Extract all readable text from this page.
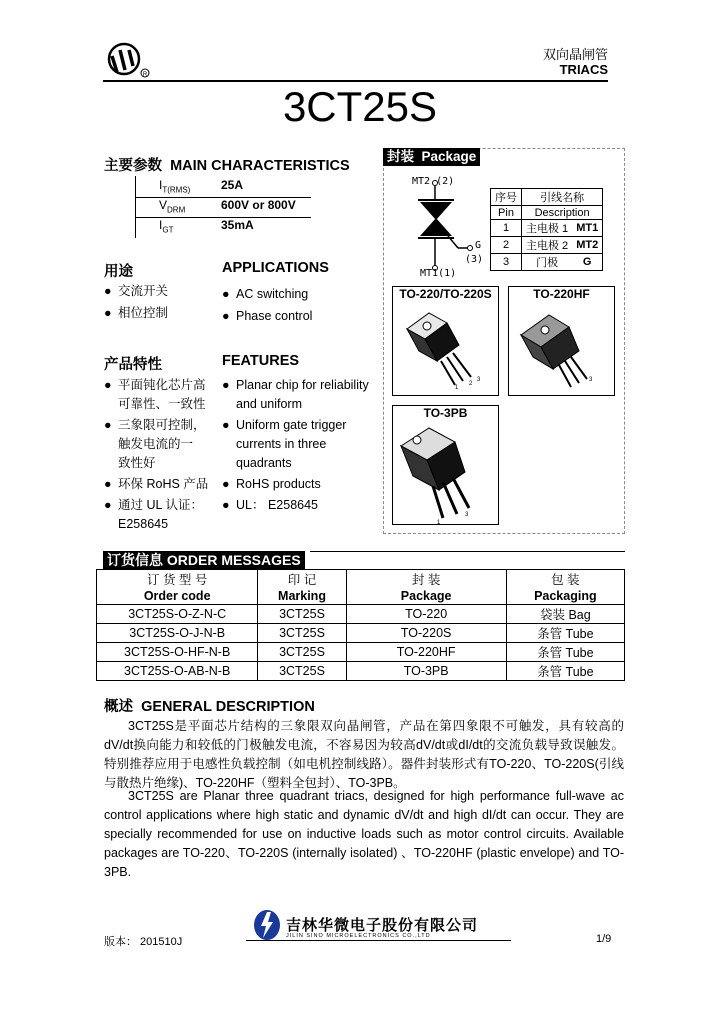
R
双向晶闸管
TRIACS
3CT25S
主要参数 MAIN CHARACTERISTICS
$I_{T(RMS)}$	25A
$V_{DRM}$	600V or 800V
$I_{GT}$	35mA
用途	APPLICATIONS
● 交流开关
● 相位控制
● AC switching
● Phase control
产品特性	FEATURES
● 平面钝化芯片高
可靠性、一致性
● 三象限可控制，
触发电流的一
致性好
● 环保 RoHS 产品
● 通过 UL 认证：
E258645
● Planar chip for reliability
and uniform
● Uniform gate trigger
currents in three
quadrants
● RoHS products
● UL： E258645
封装 Package
MT2 (2)
G
(3)
MT1(1)
序号	引线名称	
Pin	Description	
1	主电极 1	MT1
2	主电极 2	MT2
3	门极	G
TO-220/TO-220S
1
2
3
TO-220HF
3
TO-3PB
1
3
订货信息 ORDER MESSAGES
订 货 型 号	印 记	封 装	包 装
Order code	Marking	Package	Packaging
3CT25S-O-Z-N-C	3CT25S	TO-220	袋装 Bag
3CT25S-O-J-N-B	3CT25S	TO-220S	条管 Tube
3CT25S-O-HF-N-B	3CT25S	TO-220HF	条管 Tube
3CT25S-O-AB-N-B	3CT25S	TO-3PB	条管 Tube
概述 GENERAL DESCRIPTION
3CT25S是平面芯片结构的三象限双向晶闸管，产品在第四象限不可触发，具有较高的dV/dt换向能力和较低的门极触发电流，不容易因为较高dV/dt或dI/dt的交流负载导致误触发。特别推荐应用于电感性负载控制（如电机控制线路）。器件封装形式有TO-220、TO-220S(引线与散热片绝缘)、TO-220HF（塑料全包封）、TO-3PB。
3CT25S are Planar three quadrant triacs, designed for high performance full-wave ac control applications where high static and dynamic dV/dt and high dI/dt can occur. They are specially recommended for use on inductive loads such as motor control circuits. Available packages are TO-220、TO-220S (internally isolated) 、TO-220HF (plastic envelope) and TO-3PB.
吉林华微电子股份有限公司
JILIN SINO MICROELECTRONICS CO.,LTD
版本： 201510J	1/9
